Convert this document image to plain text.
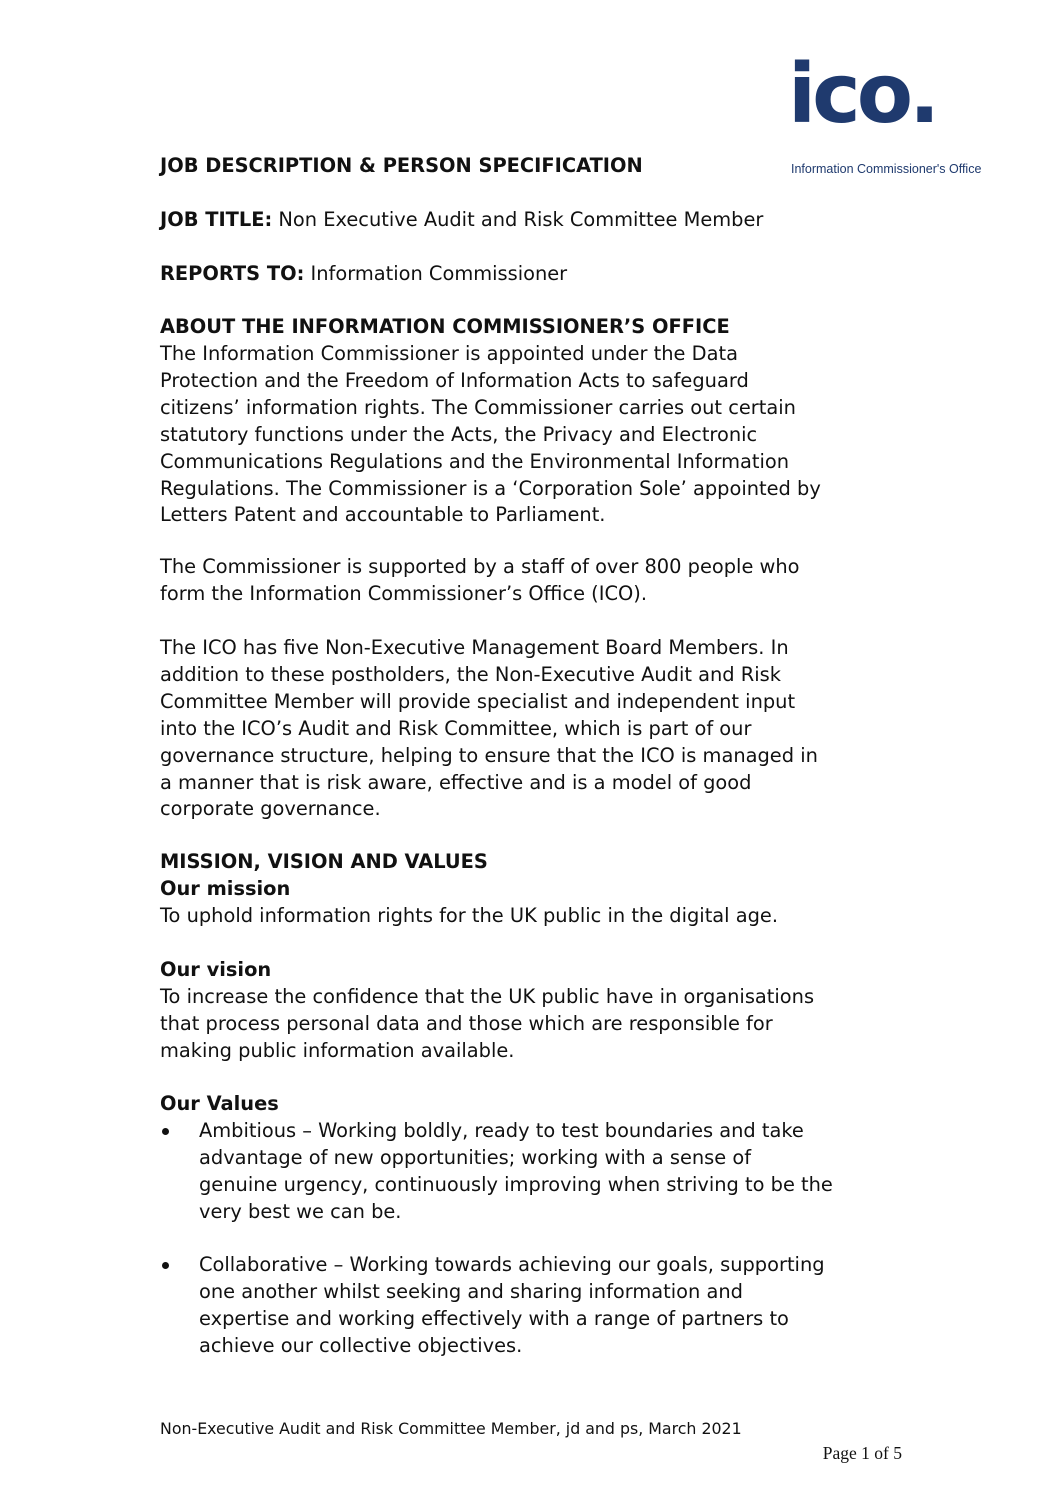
ico.
Information Commissioner's Office
JOB DESCRIPTION & PERSON SPECIFICATION
JOB TITLE: Non Executive Audit and Risk Committee Member
REPORTS TO: Information Commissioner
ABOUT THE INFORMATION COMMISSIONER’S OFFICE
The Information Commissioner is appointed under the Data
Protection and the Freedom of Information Acts to safeguard
citizens’ information rights. The Commissioner carries out certain
statutory functions under the Acts, the Privacy and Electronic
Communications Regulations and the Environmental Information
Regulations. The Commissioner is a ‘Corporation Sole’ appointed by
Letters Patent and accountable to Parliament.
The Commissioner is supported by a staff of over 800 people who
form the Information Commissioner’s Office (ICO).
The ICO has five Non-Executive Management Board Members. In
addition to these postholders, the Non-Executive Audit and Risk
Committee Member will provide specialist and independent input
into the ICO’s Audit and Risk Committee, which is part of our
governance structure, helping to ensure that the ICO is managed in
a manner that is risk aware, effective and is a model of good
corporate governance.
MISSION, VISION AND VALUES
Our mission
To uphold information rights for the UK public in the digital age.
Our vision
To increase the confidence that the UK public have in organisations
that process personal data and those which are responsible for
making public information available.
Our Values
Ambitious – Working boldly, ready to test boundaries and take
advantage of new opportunities; working with a sense of
genuine urgency, continuously improving when striving to be the
very best we can be.
Collaborative – Working towards achieving our goals, supporting
one another whilst seeking and sharing information and
expertise and working effectively with a range of partners to
achieve our collective objectives.
Non-Executive Audit and Risk Committee Member, jd and ps, March 2021
Page 1 of 5
